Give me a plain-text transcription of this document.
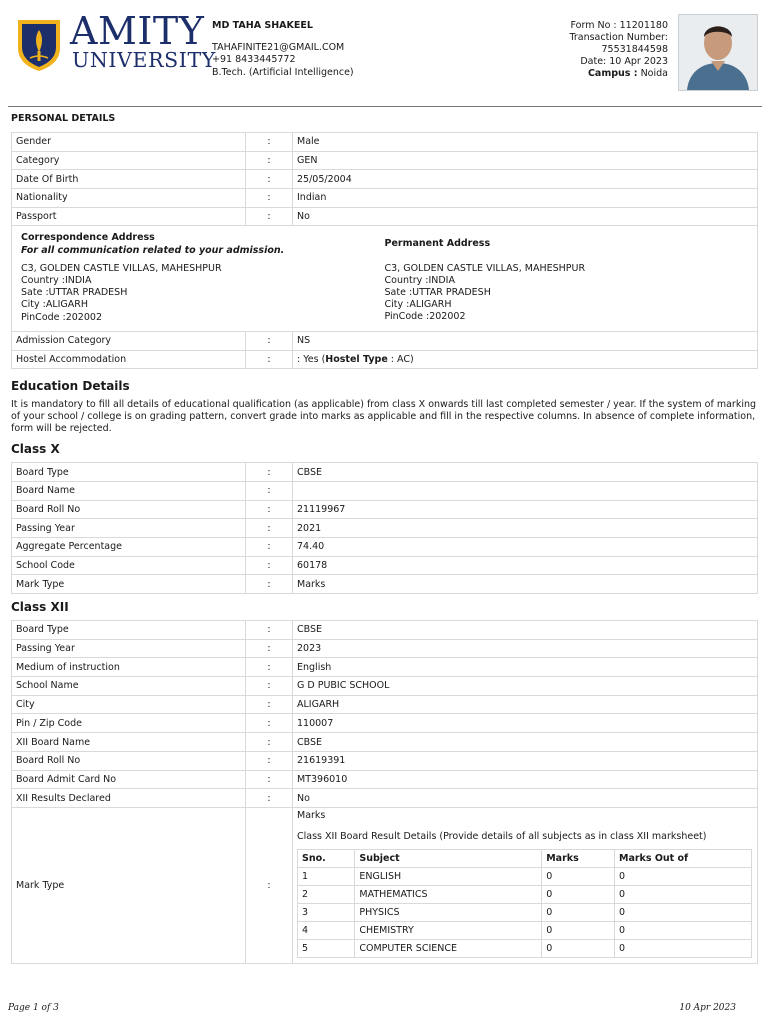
AMITY
UNIVERSITY
MD TAHA SHAKEEL
TAHAFINITE21@GMAIL.COM
+91 8433445772
B.Tech. (Artificial Intelligence)
Form No : 11201180
Transaction Number:
75531844598
Date: 10 Apr 2023
Campus : Noida
PERSONAL DETAILS
Gender	:	Male
Category	:	GEN
Date Of Birth	:	25/05/2004
Nationality	:	Indian
Passport	:	No
Correspondence Address
For all communication related to your admission.
C3, GOLDEN CASTLE VILLAS, MAHESHPUR
Country :INDIA
Sate :UTTAR PRADESH
City :ALIGARH
PinCode :202002
Permanent Address
C3, GOLDEN CASTLE VILLAS, MAHESHPUR
Country :INDIA
Sate :UTTAR PRADESH
City :ALIGARH
PinCode :202002
Admission Category	:	NS
Hostel Accommodation	:	: Yes (Hostel Type : AC)
Education Details

It is mandatory to fill all details of educational qualification (as applicable) from class X onwards till last completed semester / year. If the system of marking of your school / college is on grading pattern, convert grade into marks as applicable and fill in the respective columns. In absence of complete information, form will be rejected.

Class X
Board Type	:	CBSE
Board Name	:	
Board Roll No	:	21119967
Passing Year	:	2021
Aggregate Percentage	:	74.40
School Code	:	60178
Mark Type	:	Marks
Class XII
Board Type	:	CBSE
Passing Year	:	2023
Medium of instruction	:	English
School Name	:	G D PUBIC SCHOOL
City	:	ALIGARH
Pin / Zip Code	:	110007
XII Board Name	:	CBSE
Board Roll No	:	21619391
Board Admit Card No	:	MT396010
XII Results Declared	:	No
Mark Type	:	
Marks
Class XII Board Result Details (Provide details of all subjects as in class XII marksheet)
Sno.	Subject	Marks	Marks Out of
1	ENGLISH	0	0
2	MATHEMATICS	0	0
3	PHYSICS	0	0
4	CHEMISTRY	0	0
5	COMPUTER SCIENCE	0	0
Page 1 of 3	10 Apr 2023
